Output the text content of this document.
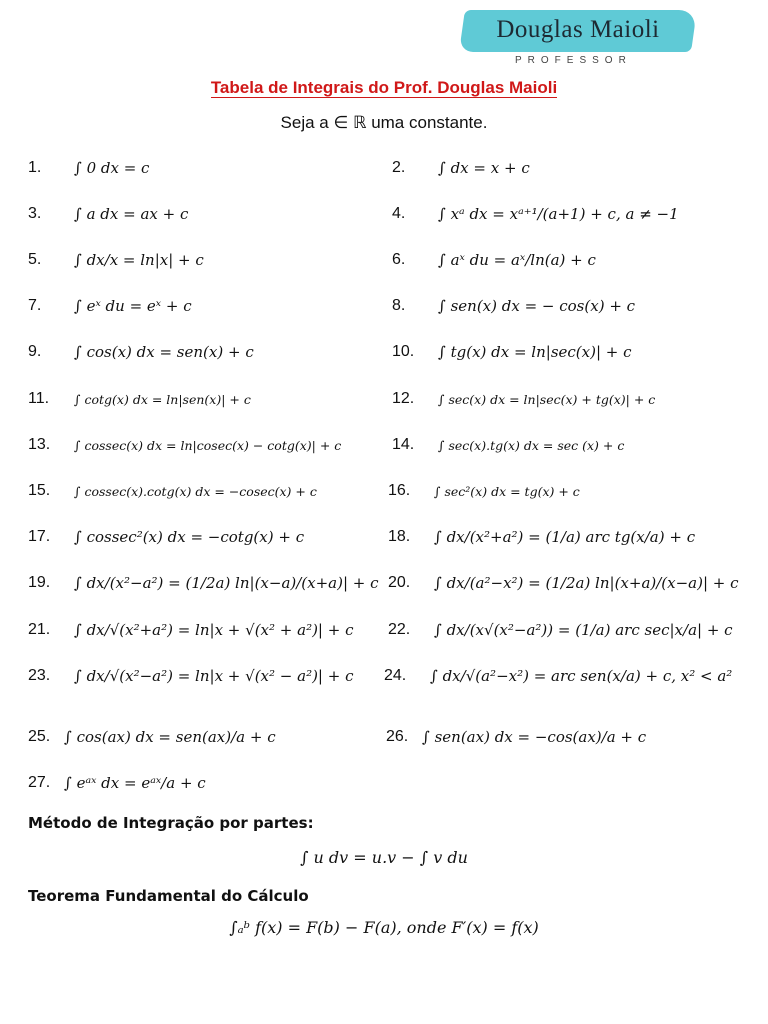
Douglas Maioli
PROFESSOR
Tabela de Integrais do Prof. Douglas Maioli
Seja a ∈ ℝ uma constante.
1.	∫ 0 dx = c	2.	∫ dx = x + c
3.	∫ a dx = ax + c	4.	∫ xᵃ dx = xᵃ⁺¹/(a+1) + c, a ≠ −1
5.	∫ dx/x = ln|x| + c	6.	∫ aˣ du = aˣ/ln(a) + c
7.	∫ eˣ du = eˣ + c	8.	∫ sen(x) dx = − cos(x) + c
9.	∫ cos(x) dx = sen(x) + c	10.	∫ tg(x) dx = ln|sec(x)| + c
11.	∫ cotg(x) dx = ln|sen(x)| + c	12.	∫ sec(x) dx = ln|sec(x) + tg(x)| + c
13.	∫ cossec(x) dx = ln|cosec(x) − cotg(x)| + c	14.	∫ sec(x).tg(x) dx = sec (x) + c
15.	∫ cossec(x).cotg(x) dx = −cosec(x) + c	16.	∫ sec²(x) dx = tg(x) + c
17.	∫ cossec²(x) dx = −cotg(x) + c	18.	∫ dx/(x²+a²) = (1/a) arc tg(x/a) + c
19.	∫ dx/(x²−a²) = (1/2a) ln|(x−a)/(x+a)| + c 20.	∫ dx/(a²−x²) = (1/2a) ln|(x+a)/(x−a)| + c
21.	∫ dx/√(x²+a²) = ln|x + √(x² + a²)| + c 22.	∫ dx/(x√(x²−a²)) = (1/a) arc sec|x/a| + c
23.	∫ dx/√(x²−a²) = ln|x + √(x² − a²)| + c 24.	∫ dx/√(a²−x²) = arc sen(x/a) + c, x² < a²
25. ∫ cos(ax) dx = sen(ax)/a + c	26. ∫ sen(ax) dx = −cos(ax)/a + c
27. ∫ eᵃˣ dx = eᵃˣ/a + c
Método de Integração por partes:
∫ u dv = u.v − ∫ v du
Teorema Fundamental do Cálculo
∫ₐᵇ f(x) = F(b) − F(a), onde F′(x) = f(x)
